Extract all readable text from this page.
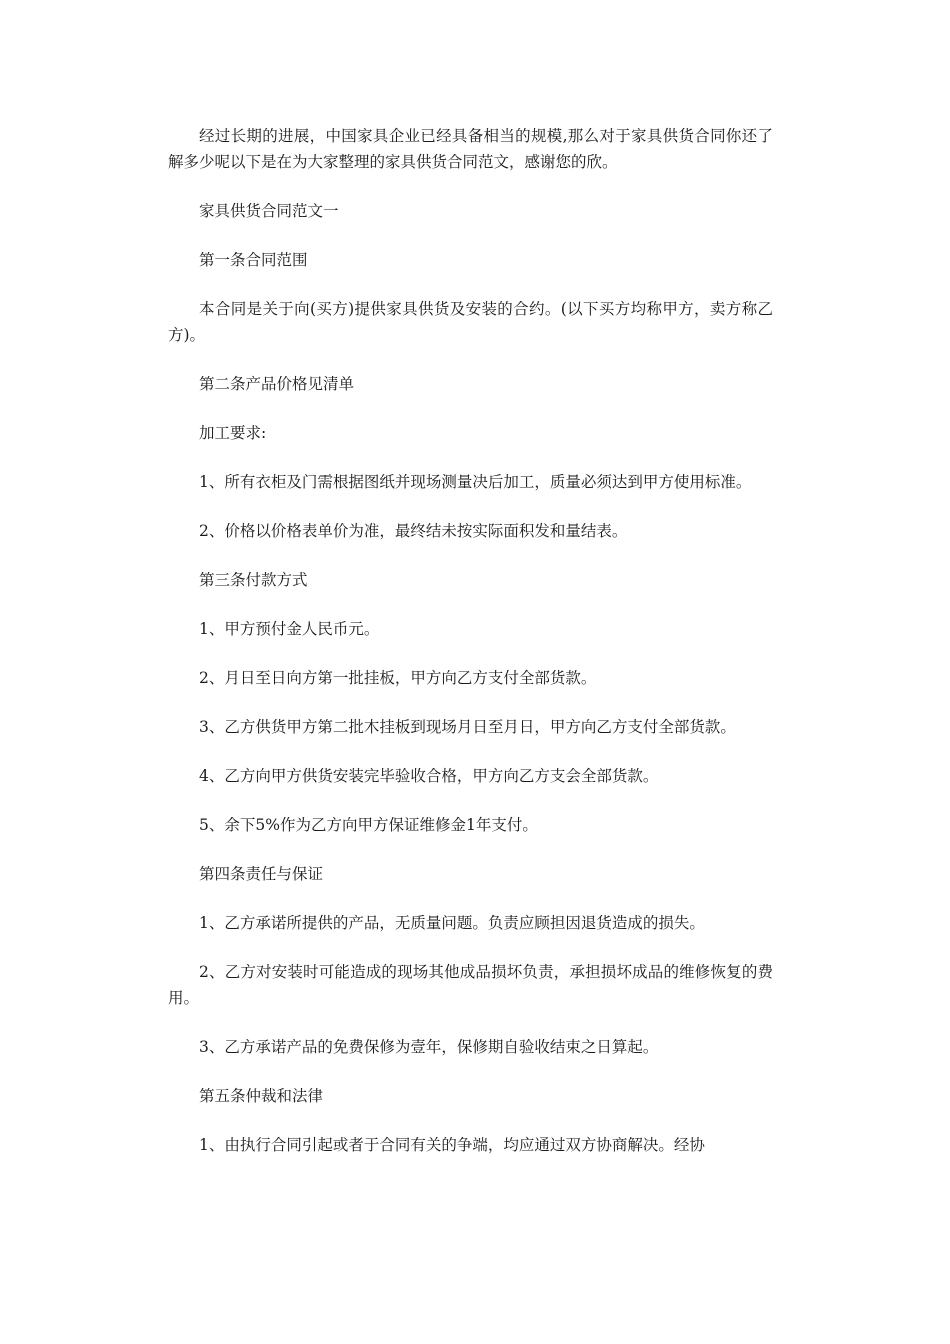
经过长期的进展，中国家具企业已经具备相当的规模,那么对于家具供货合同你还了解多少呢以下是在为大家整理的家具供货合同范文，感谢您的欣。

家具供货合同范文一

第一条合同范围

本合同是关于向(买方)提供家具供货及安装的合约。(以下买方均称甲方，卖方称乙方)。

第二条产品价格见清单

加工要求:

1、所有衣柜及门需根据图纸并现场测量决后加工，质量必须达到甲方使用标准。

2、价格以价格表单价为准，最终结未按实际面积发和量结表。

第三条付款方式

1、甲方预付金人民币元。

2、月日至日向方第一批挂板，甲方向乙方支付全部货款。

3、乙方供货甲方第二批木挂板到现场月日至月日，甲方向乙方支付全部货款。

4、乙方向甲方供货安装完毕验收合格，甲方向乙方支会全部货款。

5、余下5%作为乙方向甲方保证维修金1年支付。

第四条责任与保证

1、乙方承诺所提供的产品，无质量问题。负责应顾担因退货造成的损失。

2、乙方对安装时可能造成的现场其他成品损坏负责，承担损坏成品的维修恢复的费用。

3、乙方承诺产品的免费保修为壹年，保修期自验收结束之日算起。

第五条仲裁和法律

1、由执行合同引起或者于合同有关的争端，均应通过双方协商解决。经协
